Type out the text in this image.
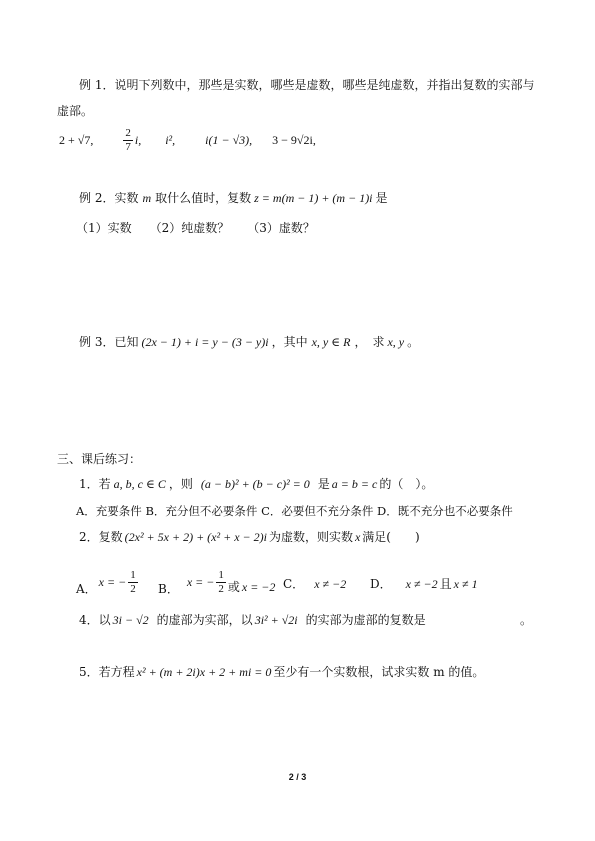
例 1．说明下列数中，那些是实数，哪些是虚数，哪些是纯虚数，并指出复数的实部与
虚部。
2 + √7,	$\frac{2}{7} i$, i²,	i(1 − √3), 3 − 9√2i,
例 2．实数 m 取什么值时，复数 z = m(m − 1) + (m − 1)i 是
（1）实数　　（2）纯虚数？　　（3）虚数？
例 3．已知 (2x − 1) + i = y − (3 − y)i ，其中 x, y ∈ R ，　求 x, y 。
三、课后练习：
1．若 a, b, c ∈ C ，则 (a − b)² + (b − c)² = 0 是 a = b = c 的（　）。
A．充要条件 B．充分但不必要条件 C．必要但不充分条件 D．既不充分也不必要条件
2．复数 (2x² + 5x + 2) + (x² + x − 2)i 为虚数，则实数 x 满足(　　)
A． x = − $\frac{1}{2}$ B． x = − $\frac{1}{2}$ 或 x = −2 C． x ≠ −2 D． x ≠ −2 且 x ≠ 1
4．以 3i − √2 的虚部为实部，以 3i² + √2i 的实部为虚部的复数是	。
5．若方程 x² + (m + 2i)x + 2 + mi = 0 至少有一个实数根，试求实数 m 的值。
2 / 3
